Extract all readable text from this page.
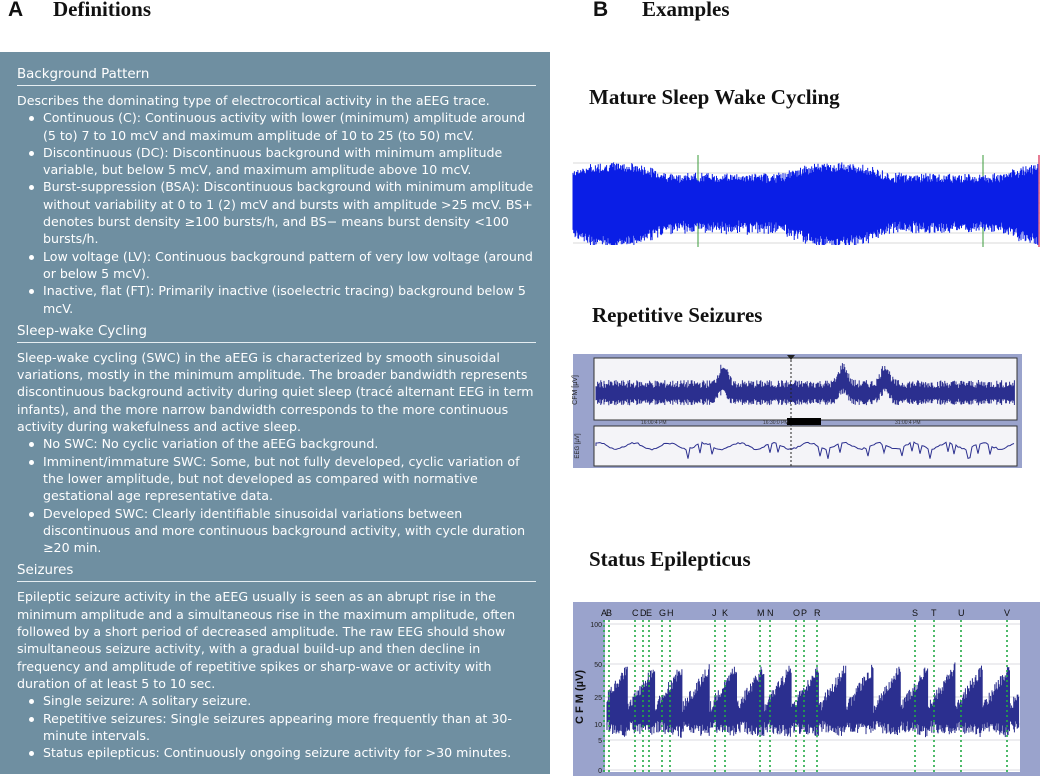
A Definitions	B Examples
Background Pattern

Describes the dominating type of electrocortical activity in the aEEG trace.

Continuous (C): Continuous activity with lower (minimum) amplitude around (5 to) 7 to 10 mcV and maximum amplitude of 10 to 25 (to 50) mcV.
Discontinuous (DC): Discontinuous background with minimum amplitude variable, but below 5 mcV, and maximum amplitude above 10 mcV.
Burst-suppression (BSA): Discontinuous background with minimum amplitude without variability at 0 to 1 (2) mcV and bursts with amplitude >25 mcV. BS+ denotes burst density ≥100 bursts/h, and BS− means burst density <100 bursts/h.
Low voltage (LV): Continuous background pattern of very low voltage (around or below 5 mcV).
Inactive, flat (FT): Primarily inactive (isoelectric tracing) background below 5 mcV.
Sleep-wake Cycling

Sleep-wake cycling (SWC) in the aEEG is characterized by smooth sinusoidal variations, mostly in the minimum amplitude. The broader bandwidth represents discontinuous background activity during quiet sleep (tracé alternant EEG in term infants), and the more narrow bandwidth corresponds to the more continuous activity during wakefulness and active sleep.

No SWC: No cyclic variation of the aEEG background.
Imminent/immature SWC: Some, but not fully developed, cyclic variation of the lower amplitude, but not developed as compared with normative gestational age representative data.
Developed SWC: Clearly identifiable sinusoidal variations between discontinuous and more continuous background activity, with cycle duration ≥20 min.
Seizures

Epileptic seizure activity in the aEEG usually is seen as an abrupt rise in the minimum amplitude and a simultaneous rise in the maximum amplitude, often followed by a short period of decreased amplitude. The raw EEG should show simultaneous seizure activity, with a gradual build-up and then decline in frequency and amplitude of repetitive spikes or sharp-wave or activity with duration of at least 5 to 10 sec.

Single seizure: A solitary seizure.
Repetitive seizures: Single seizures appearing more frequently than at 30-minute intervals.
Status epilepticus: Continuously ongoing seizure activity for >30 minutes.
Mature Sleep Wake Cycling
Repetitive Seizures
CFM [µV]
EEG [µV]
16:00:4 PM	16:30:0 PM	31:00:4 PM
Status Epilepticus
100
50
25
10
5
0
C F M (µV)
A
B C D E G H	J K	M N O P R	S T U	V
